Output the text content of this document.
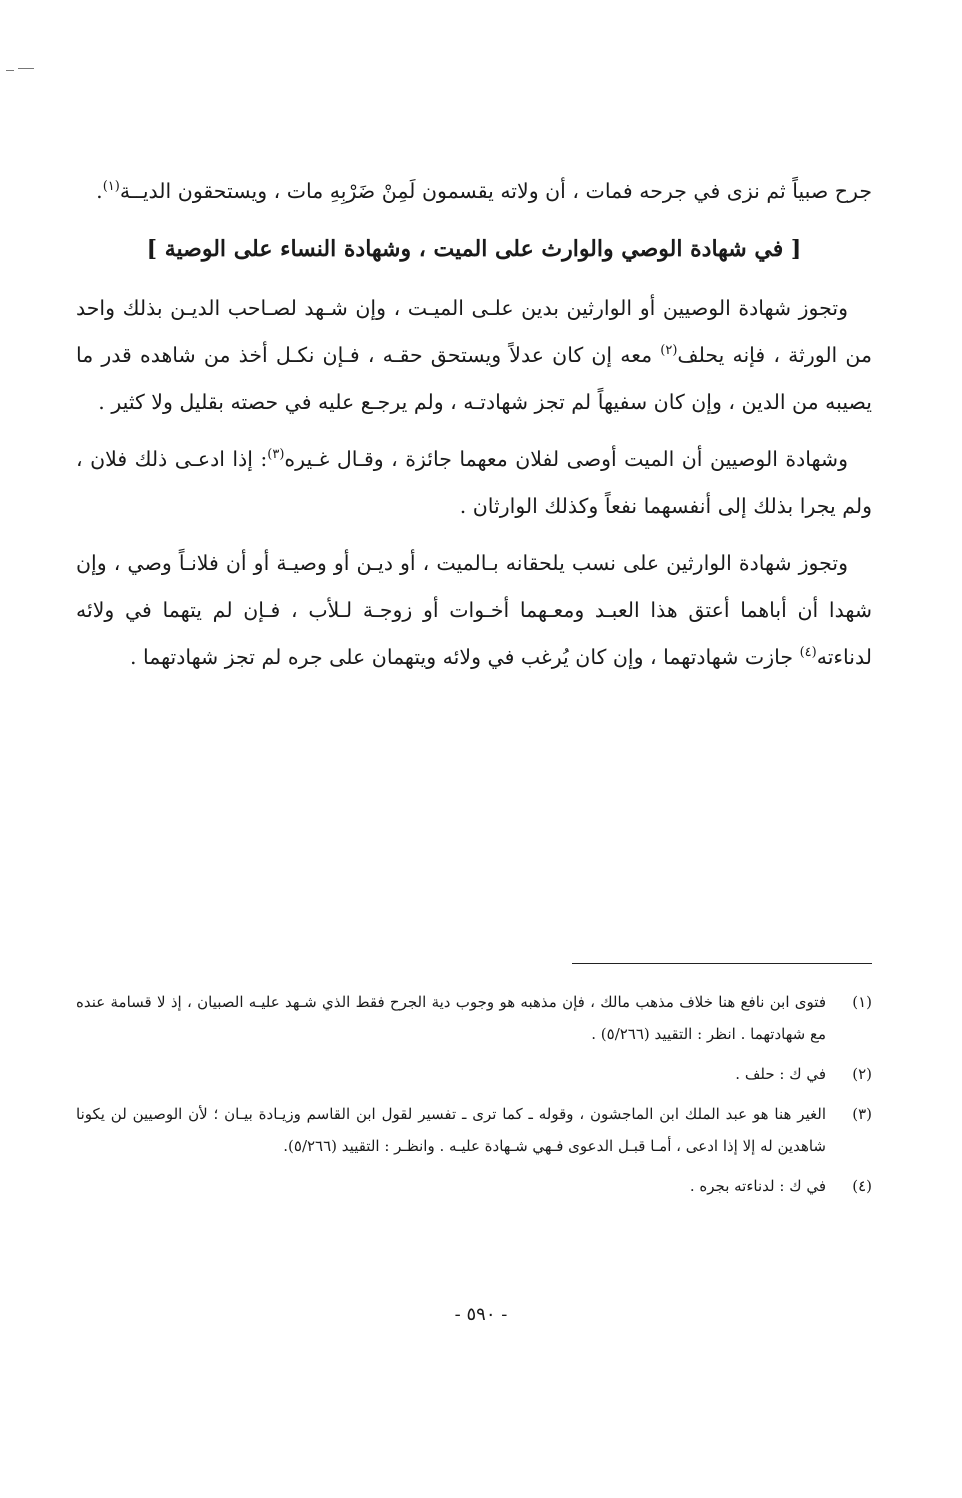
جرح صبياً ثم نزى في جرحه فمات ، أن ولاته يقسمون لَمِنْ ضَرْبِهِ مات ، ويستحقون الديــة$^{(١)}$.

[ في شهادة الوصي والوارث على الميت ، وشهادة النساء على الوصية ]

وتجوز شهادة الوصيين أو الوارثين بدين علـى الميـت ، وإن شـهد لصـاحب الديـن بذلك واحد من الورثة ، فإنه يحلف$^{(٢)}$ معه إن كان عدلاً ويستحق حقـه ، فـإن نكـل أخذ من شاهده قدر ما يصيبه من الدين ، وإن كان سفيهاً لم تجز شهادتـه ، ولم يرجـع عليه في حصته بقليل ولا كثير .

وشهادة الوصيين أن الميت أوصى لفلان معهما جائزة ، وقـال غـيره$^{(٣)}$: إذا ادعـى ذلك فلان ، ولم يجرا بذلك إلى أنفسهما نفعاً وكذلك الوارثان .

وتجوز شهادة الوارثين على نسب يلحقانه بـالميت ، أو ديـن أو وصيـة أو أن فلانـاً وصي ، وإن شهدا أن أباهما أعتق هذا العبـد ومعـهما أخـوات أو زوجـة لـلأب ، فـإن لم يتهما في ولائه لدناءته$^{(٤)}$ جازت شهادتهما ، وإن كان يُرغب في ولائه ويتهمان على جره لم تجز شهادتهما .

(١)
فتوى ابن نافع هنا خلاف مذهب مالك ، فإن مذهبه هو وجوب دية الجرح فقط الذي شـهد عليـه الصبيان ، إذ لا قسامة عنده مع شهادتهما . انظر : التقييد (٥/٢٦٦) .
(٢)
في ك : حلف .
(٣)
الغير هنا هو عبد الملك ابن الماجشون ، وقوله ـ كما ترى ـ تفسير لقول ابن القاسم وزيـادة بيـان ؛ لأن الوصيين لن يكونا شاهدين له إلا إذا ادعى ، أمـا قبـل الدعوى فـهي شـهادة عليـه . وانظـر : التقييد (٥/٢٦٦).
(٤)
في ك : لدناءته بجره .
- ٥٩٠ -
